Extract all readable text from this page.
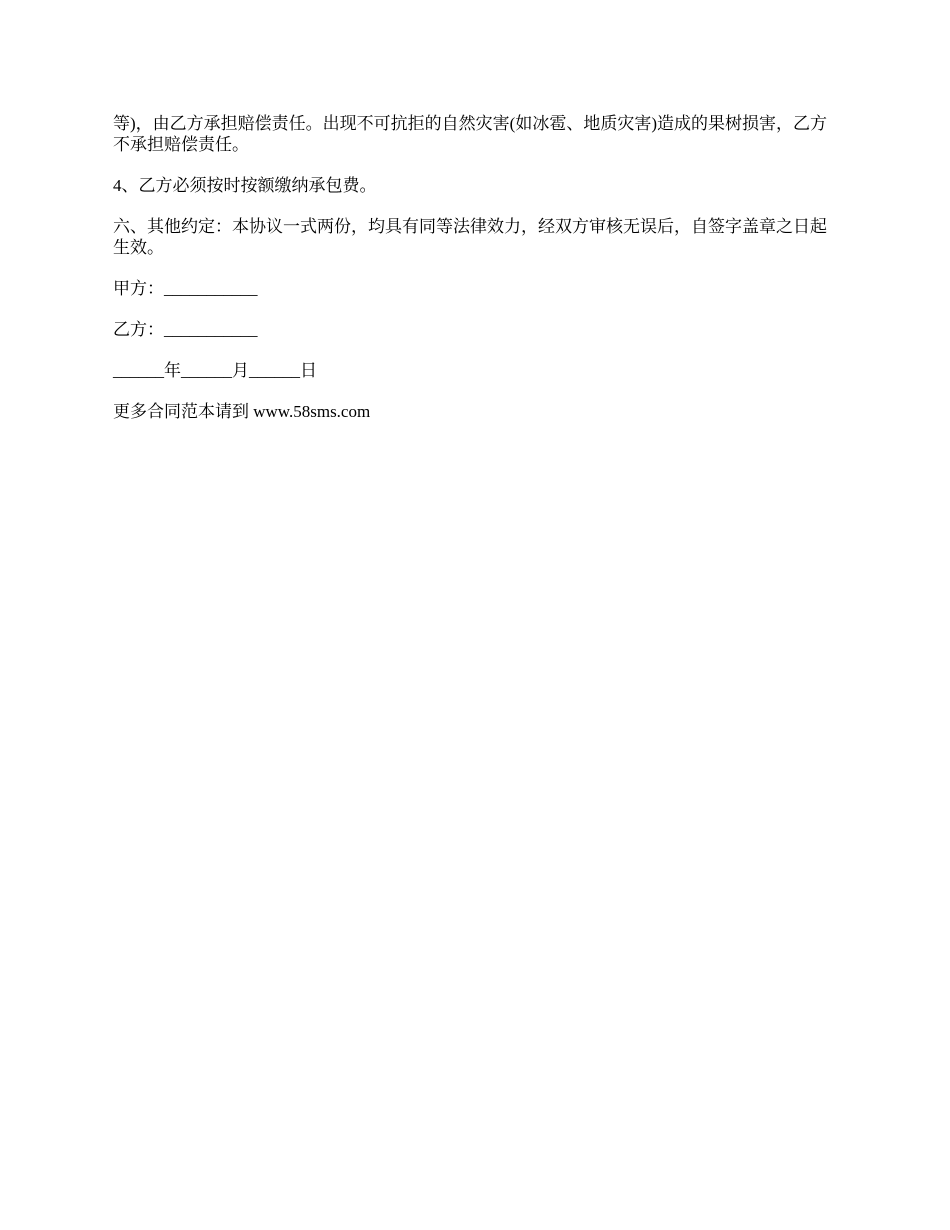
等)，由乙方承担赔偿责任。出现不可抗拒的自然灾害(如冰雹、地质灾害)造成的果树损害，乙方不承担赔偿责任。

4、乙方必须按时按额缴纳承包费。

六、其他约定：本协议一式两份，均具有同等法律效力，经双方审核无误后，自签字盖章之日起生效。

甲方：___________

乙方：___________

______年______月______日

更多合同范本请到 www.58sms.com
